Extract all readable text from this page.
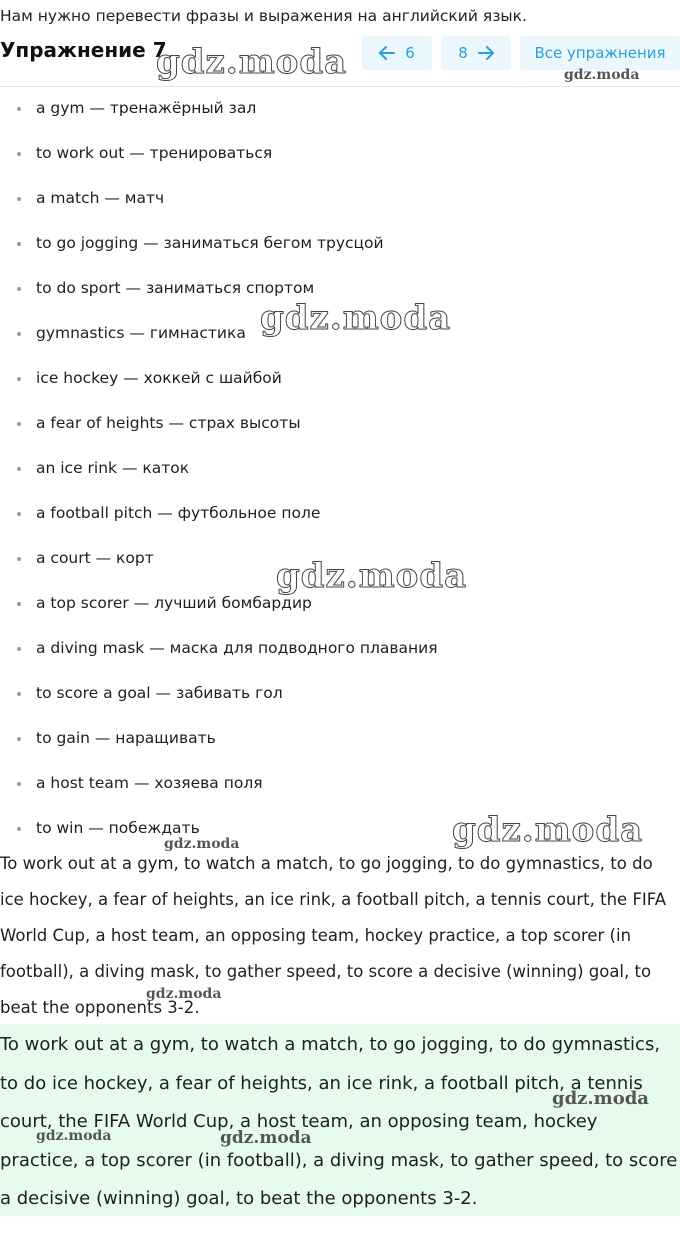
Нам нужно перевести фразы и выражения на английский язык.
Упражнение 7	6	8	Все упражнения
a gym — тренажёрный зал
to work out — тренироваться
a match — матч
to go jogging — заниматься бегом трусцой
to do sport — заниматься спортом
gymnastics — гимнастика
ice hockey — хоккей с шайбой
a fear of heights — страх высоты
an ice rink — каток
a football pitch — футбольное поле
a court — корт
a top scorer — лучший бомбардир
a diving mask — маска для подводного плавания
to score a goal — забивать гол
to gain — наращивать
a host team — хозяева поля
to win — побеждать

To work out at a gym, to watch a match, to go jogging, to do gymnastics, to do ice hockey, a fear of heights, an ice rink, a football pitch, a tennis court, the FIFA World Cup, a host team, an opposing team, hockey practice, a top scorer (in football), a diving mask, to gather speed, to score a decisive (winning) goal, to beat the opponents 3-2.

To work out at a gym, to watch a match, to go jogging, to do gymnastics, to do ice hockey, a fear of heights, an ice rink, a football pitch, a tennis court, the FIFA World Cup, a host team, an opposing team, hockey practice, a top scorer (in football), a diving mask, to gather speed, to score a decisive (winning) goal, to beat the opponents 3-2.

gdz.moda	gdz.moda
gdz.moda
gdz.moda
gdz.moda
gdz.moda
gdz.moda
gdz.moda
gdz.moda	gdz.moda
